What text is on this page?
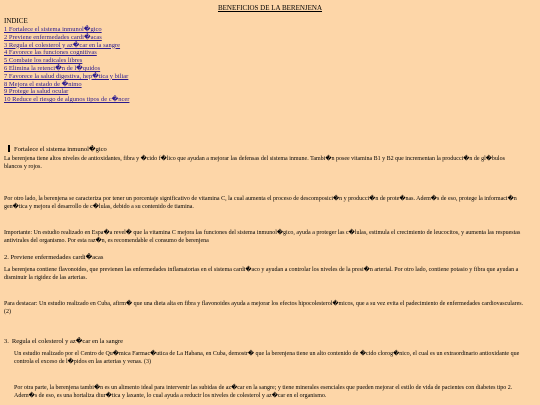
BENEFICIOS DE LA BERENJENA
INDICE
1 Fortalece el sistema inmunol�gico
2 Previene enfermedades cardi�acas
3 Regula el colesterol y az�car en la sangre
4 Favorece las funciones cognitivas
5 Combate los radicales libres
6 Elimina la retenci�n de l�quidos
7 Favorece la salud digestiva, hep�tica y biliar
8 Mejora el estado de �nimo
9 Protege la salud ocular
10 Reduce el riesgo de algunos tipos de c�ncer
Fortalece el sistema inmunol�gico

La berenjena tiene altos niveles de antioxidantes, fibra y �cido f�lico que ayudan a mejorar las defensas del sistema inmune. Tambi�n posee vitamina B1 y B2 que incrementan la producci�n de gl�bulos blancos y rojos.

Por otro lado, la berenjena se caracteriza por tener un porcentaje significativo de vitamina C, la cual aumenta el proceso de descomposici�n y producci�n de prote�nas. Adem�s de eso, protege la informaci�n gen�tica y mejora el desarrollo de c�lulas, debido a su contenido de tiamina.

Importante: Un estudio realizado en Espa�a revel� que la vitamina C mejora las funciones del sistema inmunol�gico, ayuda a proteger las c�lulas, estimula el crecimiento de leucocitos, y aumenta las respuestas antivirales del organismo. Por esta raz�n, es recomendable el consumo de berenjena

2. Previene enfermedades cardi�acas

La berenjena contiene flavonoides, que previenen las enfermedades inflamatorias en el sistema cardi�aco y ayudan a controlar los niveles de la presi�n arterial. Por otro lado, contiene potasio y fibra que ayudan a disminuir la rigidez de las arterias.

Para destacar: Un estudio realizado en Cuba, afirm� que una dieta alta en fibra y flavonoides ayuda a mejorar los efectos hipocolesterol�micos, que a su vez evita el padecimiento de enfermedades cardiovasculares. (2)

3. Regula el colesterol y az�car en la sangre

Un estudio realizado por el Centro de Qu�mica Farmac�utica de La Habana, en Cuba, demostr� que la berenjena tiene un alto contenido de �cido clorog�nico, el cual es un extraordinario antioxidante que controla el exceso de l�pidos en las arterias y venas. (3)

Por otra parte, la berenjena tambi�n es un alimento ideal para intervenir las subidas de az�car en la sangre; y tiene minerales esenciales que pueden mejorar el estilo de vida de pacientes con diabetes tipo 2. Adem�s de eso, es una hortaliza diur�tica y laxante, lo cual ayuda a reducir los niveles de colesterol y az�car en el organismo.
